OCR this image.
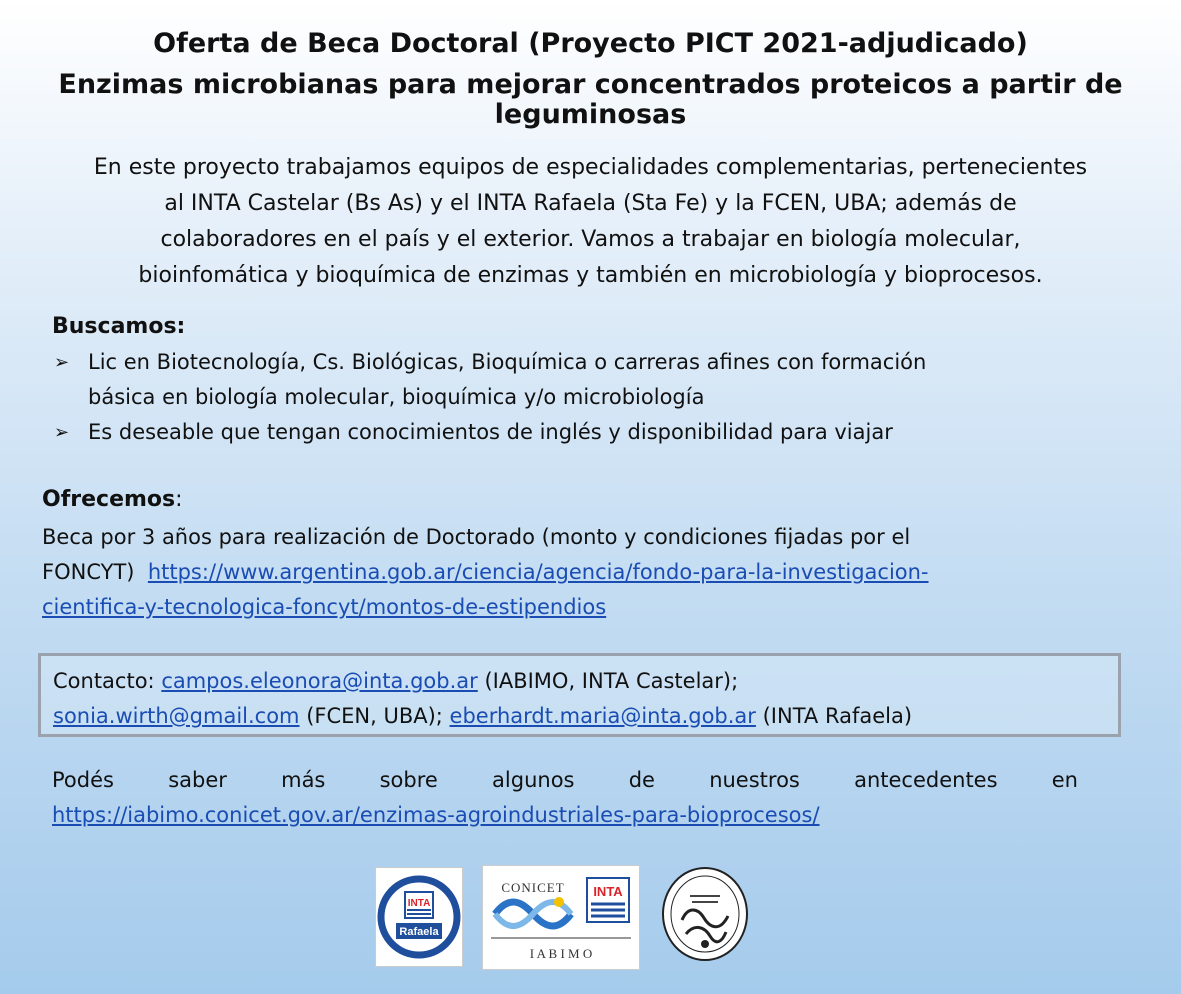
Oferta de Beca Doctoral (Proyecto PICT 2021-adjudicado)
Enzimas microbianas para mejorar concentrados proteicos a partir de
leguminosas

En este proyecto trabajamos equipos de especialidades complementarias, pertenecientes
al INTA Castelar (Bs As) y el INTA Rafaela (Sta Fe) y la FCEN, UBA; además de
colaboradores en el país y el exterior. Vamos a trabajar en biología molecular,
bioinfomática y bioquímica de enzimas y también en microbiología y bioprocesos.

Buscamos:
➢ Lic en Biotecnología, Cs. Biológicas, Bioquímica o carreras afines con formación
básica en biología molecular, bioquímica y/o microbiología
➢ Es deseable que tengan conocimientos de inglés y disponibilidad para viajar
Ofrecemos:

Beca por 3 años para realización de Doctorado (monto y condiciones fijadas por el
FONCYT) https://www.argentina.gob.ar/ciencia/agencia/fondo-para-la-investigacion-
cientifica-y-tecnologica-foncyt/montos-de-estipendios

Contacto: campos.eleonora@inta.gob.ar (IABIMO, INTA Castelar);
sonia.wirth@gmail.com (FCEN, UBA); eberhardt.maria@inta.gob.ar (INTA Rafaela)
Podés	saber	más	sobre	algunos	de	nuestros	antecedentes	en
https://iabimo.conicet.gov.ar/enzimas-agroindustriales-para-bioprocesos/
INTA
Rafaela
CONICET INTA
I A B I M O
